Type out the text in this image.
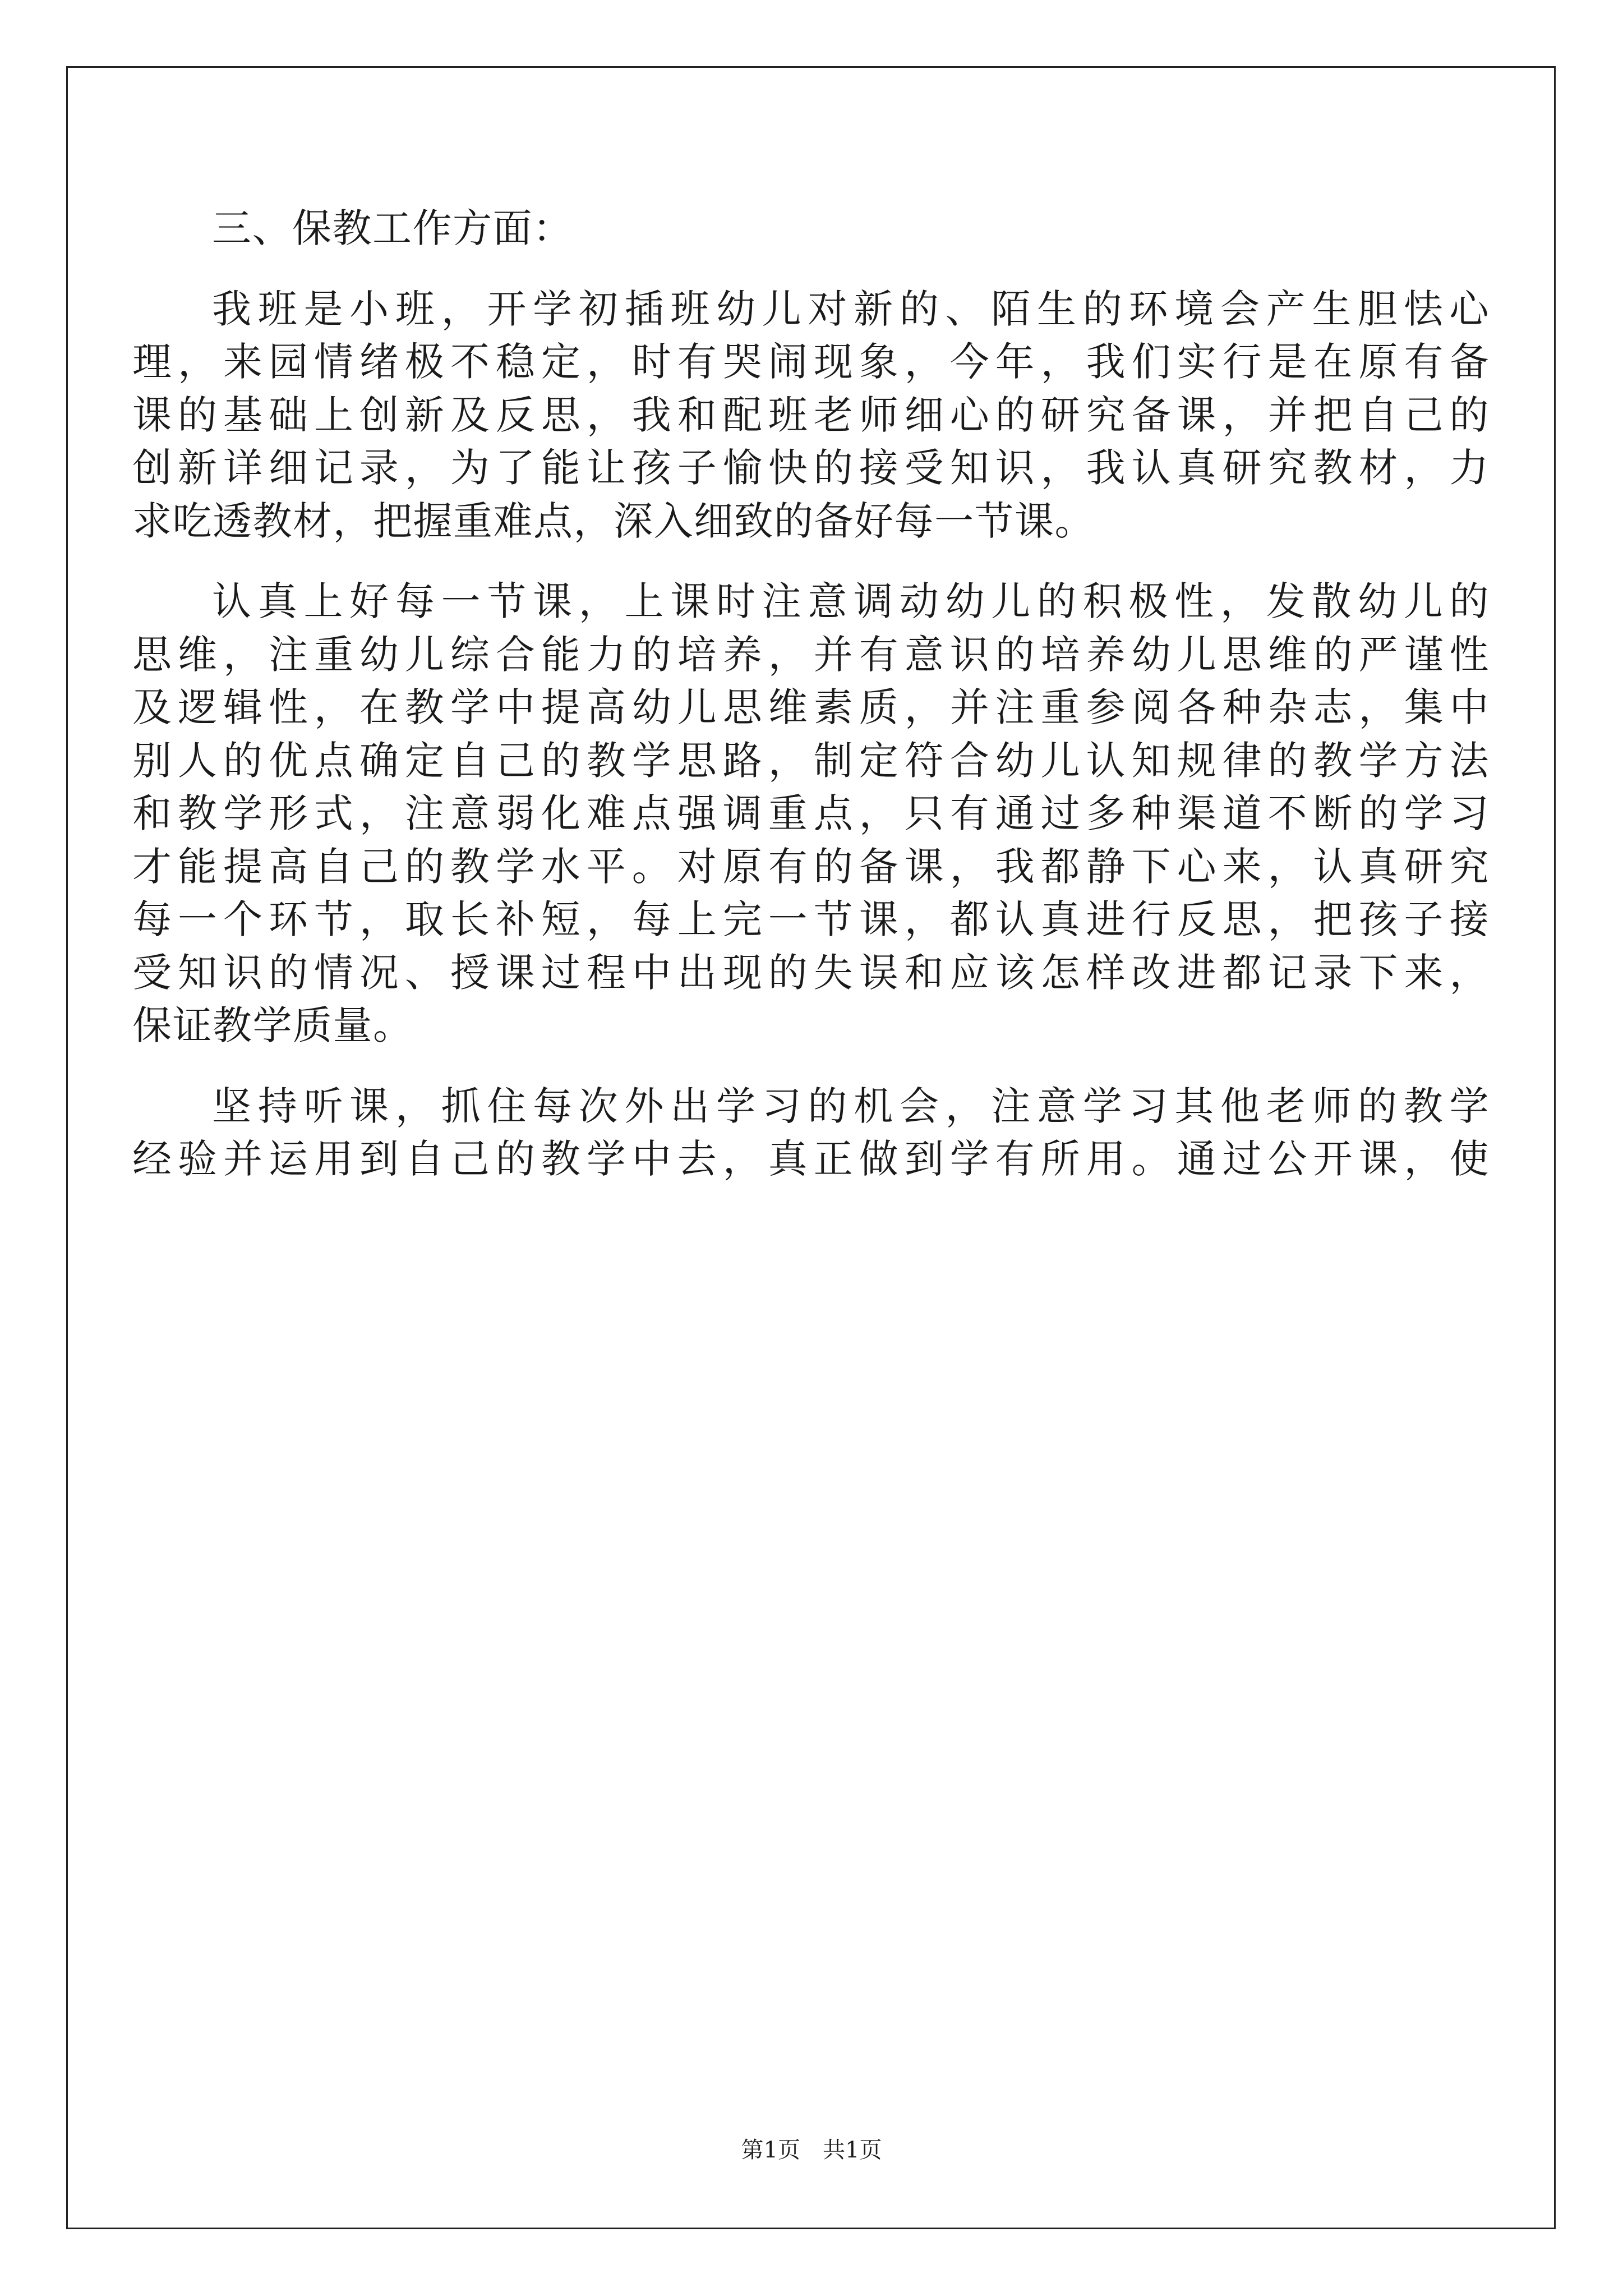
三、保教工作方面：

我班是小班，开学初插班幼儿对新的、陌生的环境会产生胆怯心
理，来园情绪极不稳定，时有哭闹现象，今年，我们实行是在原有备
课的基础上创新及反思，我和配班老师细心的研究备课，并把自己的
创新详细记录，为了能让孩子愉快的接受知识，我认真研究教材，力
求吃透教材，把握重难点，深入细致的备好每一节课。

认真上好每一节课，上课时注意调动幼儿的积极性，发散幼儿的
思维，注重幼儿综合能力的培养，并有意识的培养幼儿思维的严谨性
及逻辑性，在教学中提高幼儿思维素质，并注重参阅各种杂志，集中
别人的优点确定自己的教学思路，制定符合幼儿认知规律的教学方法
和教学形式，注意弱化难点强调重点，只有通过多种渠道不断的学习
才能提高自己的教学水平。对原有的备课，我都静下心来，认真研究
每一个环节，取长补短，每上完一节课，都认真进行反思，把孩子接
受知识的情况、授课过程中出现的失误和应该怎样改进都记录下来，
保证教学质量。

坚持听课，抓住每次外出学习的机会，注意学习其他老师的教学
经验并运用到自己的教学中去，真正做到学有所用。通过公开课，使

第1页　共1页
